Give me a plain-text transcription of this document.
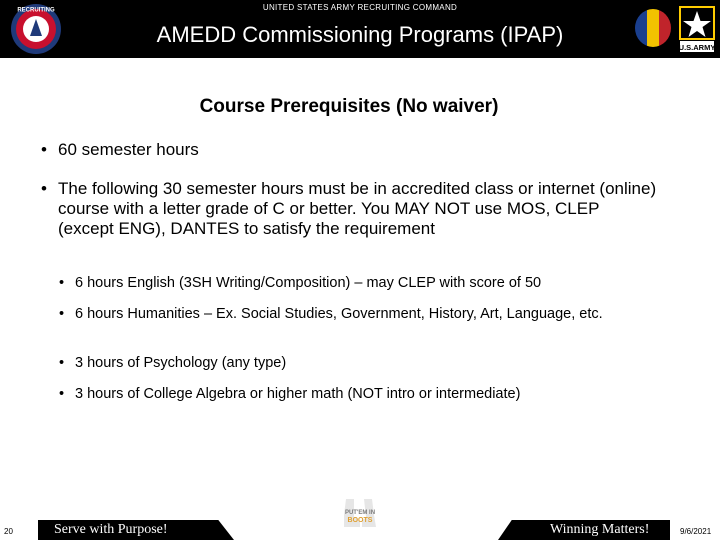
UNITED STATES ARMY RECRUITING COMMAND
AMEDD Commissioning Programs (IPAP)
RECRUITING
U.S.ARMY
Course Prerequisites (No waiver)
• 60 semester hours
• The following 30 semester hours must be in accredited class or internet (online) course with a letter grade of C or better. You MAY NOT use MOS, CLEP (except ENG), DANTES to satisfy the requirement
• 6 hours English (3SH Writing/Composition) – may CLEP with score of 50
• 6 hours Humanities – Ex. Social Studies, Government, History, Art, Language, etc.
• 3 hours of Psychology (any type)
• 3 hours of College Algebra or higher math (NOT intro or intermediate)
20	Serve with Purpose!
PUT'EM IN
BOOTS
Winning Matters!	9/6/2021
